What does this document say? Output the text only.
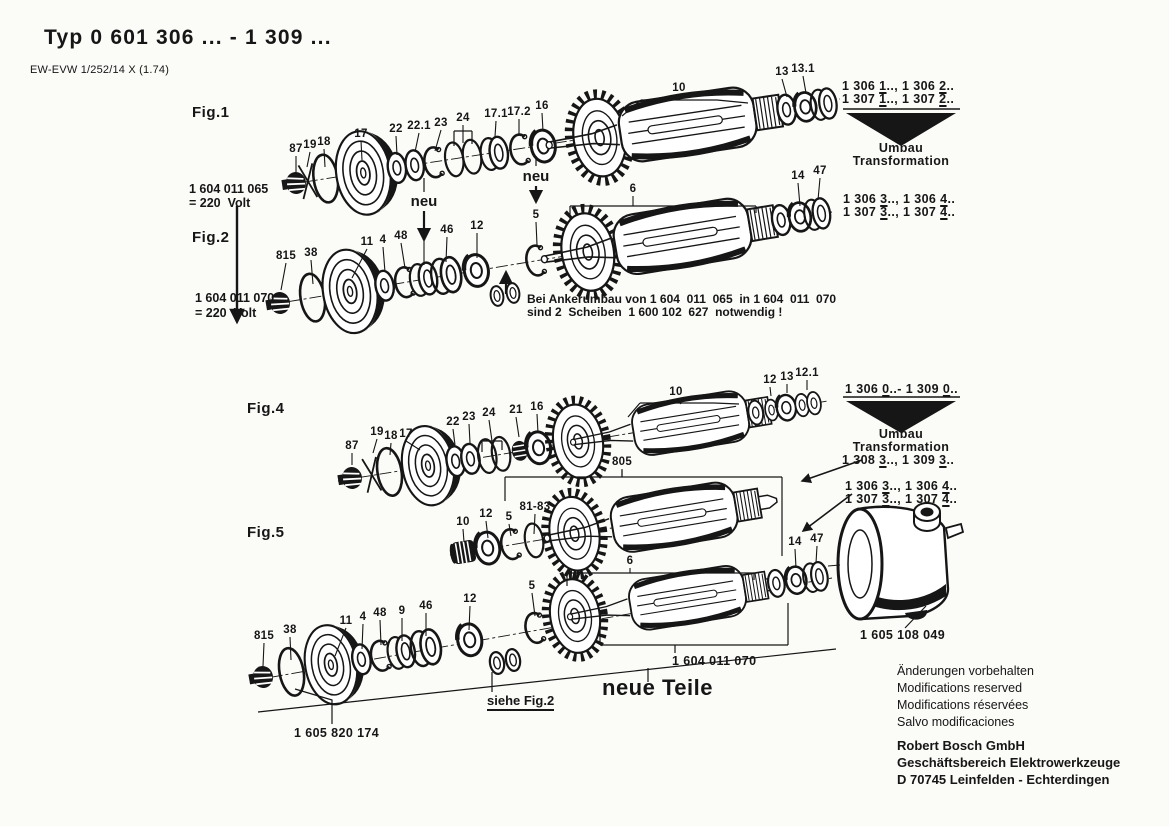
Typ 0 601 306 ... - 1 309 ...
EW-EVW 1/252/14 X (1.74)
87 19 18
17 22 22.1 23 24 17.1 17.2 16
10
13 13.1
815 38
11 4 48 9 46 12
5
6
14 47
87
19 18 17
22 23 24 21 16
10
12 13 12.1
805
10
12 5
81-83
6
5
12
14 47
815 38
11 4 48 9 46
Fig.1
Fig.2
Fig.4
Fig.5
1 604 011 065
= 220  Volt
1 604 011 070
= 220  Volt
1 306 1.., 1 306 2..
1 307 1.., 1 307 2..
Umbau
Transformation
1 306 3.., 1 306 4..
1 307 3.., 1 307 4..
Bei Ankerumbau von 1 604  011  065  in 1 604  011  070
sind 2  Scheiben  1 600 102  627  notwendig !
neu
neu
1 306 0..- 1 309 0..
Umbau
Transformation
1 308 3.., 1 309 3..
1 306 3.., 1 306 4..
1 307 3.., 1 307 4..
1 605 108 049
1 604 011 070
neue Teile
siehe Fig.2
1 605 820 174
Änderungen vorbehalten
Modifications reserved
Modifications réservées
Salvo modificaciones
Robert Bosch GmbH
Geschäftsbereich Elektrowerkzeuge
D 70745 Leinfelden - Echterdingen
